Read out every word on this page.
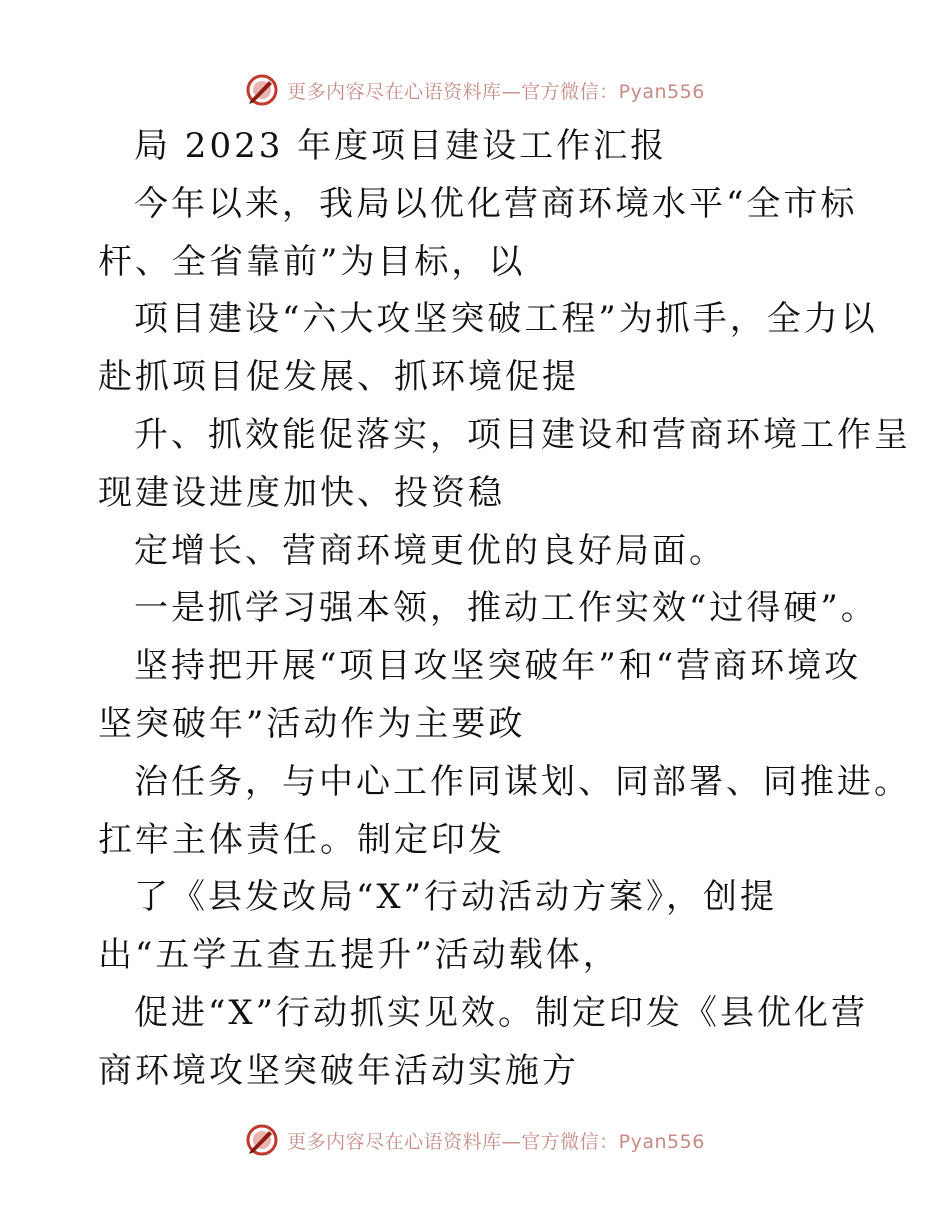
更多内容尽在心语资料库—官方微信：Pyan556
局 2023 年度项目建设工作汇报
今年以来，我局以优化营商环境水平“全市标
杆、全省靠前”为目标，以
项目建设“六大攻坚突破工程”为抓手，全力以
赴抓项目促发展、抓环境促提
升、抓效能促落实，项目建设和营商环境工作呈
现建设进度加快、投资稳
定增长、营商环境更优的良好局面。
一是抓学习强本领，推动工作实效“过得硬”。
坚持把开展“项目攻坚突破年”和“营商环境攻
坚突破年”活动作为主要政
治任务，与中心工作同谋划、同部署、同推进。
扛牢主体责任。制定印发
了《县发改局“X”行动活动方案》，创提
出“五学五查五提升”活动载体，
促进“X”行动抓实见效。制定印发《县优化营
商环境攻坚突破年活动实施方
更多内容尽在心语资料库—官方微信：Pyan556
